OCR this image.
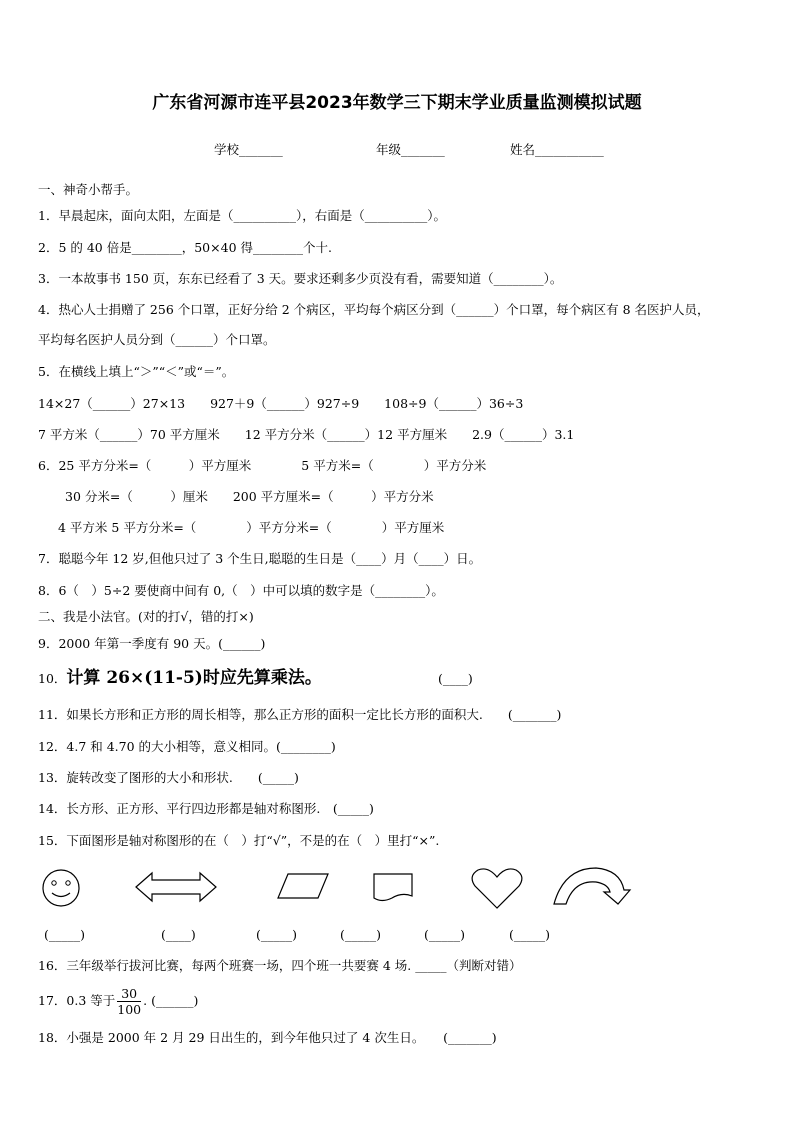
广东省河源市连平县2023年数学三下期末学业质量监测模拟试题
学校_______	年级_______	姓名___________
一、神奇小帮手。
1．早晨起床，面向太阳，左面是（__________），右面是（__________）。
2．5 的 40 倍是________，50×40 得________个十.
3．一本故事书 150 页，东东已经看了 3 天。要求还剩多少页没有看，需要知道（________）。
4．热心人士捐赠了 256 个口罩，正好分给 2 个病区，平均每个病区分到（______）个口罩，每个病区有 8 名医护人员，
平均每名医护人员分到（______）个口罩。
5．在横线上填上“＞”“＜”或“＝”。
14×27（______）27×13　　927＋9（______）927÷9　　108÷9（______）36÷3
7 平方米（______）70 平方厘米　　12 平方分米（______）12 平方厘米　　2.9（______）3.1
6．25 平方分米=（　　　）平方厘米　　　　5 平方米=（　　　　）平方分米
30 分米=（　　　）厘米　　200 平方厘米=（　　　）平方分米
4 平方米 5 平方分米=（　　　　）平方分米=（　　　　）平方厘米
7．聪聪今年 12 岁,但他只过了 3 个生日,聪聪的生日是（____）月（____）日。
8．6（　）5÷2 要使商中间有 0,（　）中可以填的数字是（________）。
二、我是小法官。(对的打√，错的打×)
9．2000 年第一季度有 90 天。(______)
10．计算 26×(11-5)时应先算乘法。	(____)
11．如果长方形和正方形的周长相等，那么正方形的面积一定比长方形的面积大.　　(_______)
12．4.7 和 4.70 的大小相等，意义相同。(________)
13．旋转改变了图形的大小和形状.　　(_____)
14．长方形、正方形、平行四边形都是轴对称图形.　(_____)
15．下面图形是轴对称图形的在（　）打“√”，不是的在（　）里打“×”.
(_____)	(____)	(_____)	(_____)	(_____)	(_____)
16．三年级举行拔河比赛，每两个班赛一场，四个班一共要赛 4 场. _____（判断对错）
17．0.3 等于 $\frac{30}{100}$ . (______)
18．小强是 2000 年 2 月 29 日出生的，到今年他只过了 4 次生日。　　(_______)
